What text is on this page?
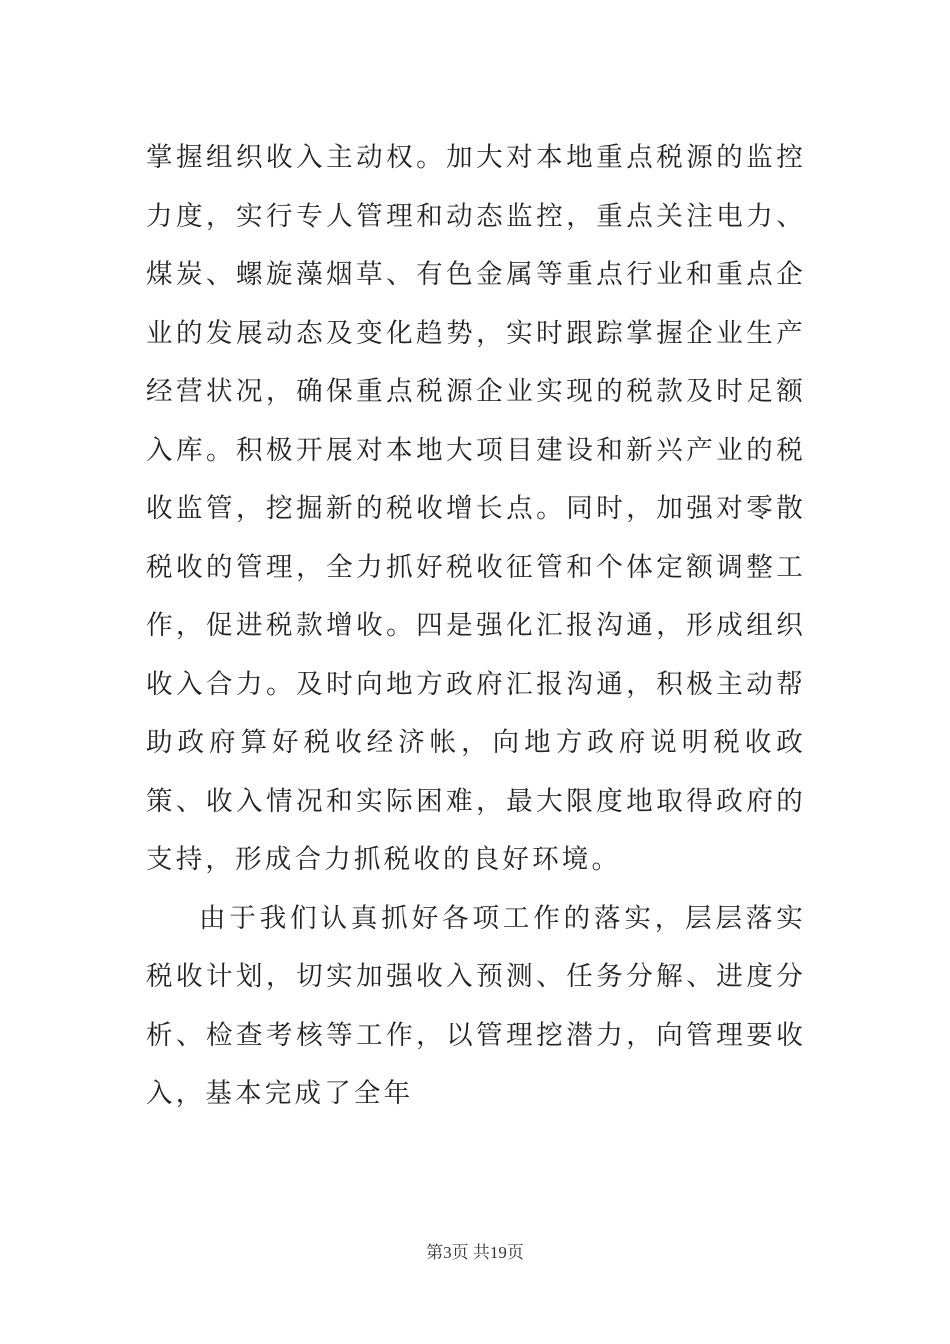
掌握组织收入主动权。加大对本地重点税源的监控力度，实行专人管理和动态监控，重点关注电力、煤炭、螺旋藻烟草、有色金属等重点行业和重点企业的发展动态及变化趋势，实时跟踪掌握企业生产经营状况，确保重点税源企业实现的税款及时足额入库。积极开展对本地大项目建设和新兴产业的税收监管，挖掘新的税收增长点。同时，加强对零散税收的管理，全力抓好税收征管和个体定额调整工作，促进税款增收。四是强化汇报沟通，形成组织收入合力。及时向地方政府汇报沟通，积极主动帮助政府算好税收经济帐，向地方政府说明税收政策、收入情况和实际困难，最大限度地取得政府的支持，形成合力抓税收的良好环境。

由于我们认真抓好各项工作的落实，层层落实税收计划，切实加强收入预测、任务分解、进度分析、检查考核等工作，以管理挖潜力，向管理要收入，基本完成了全年

第3页 共19页
